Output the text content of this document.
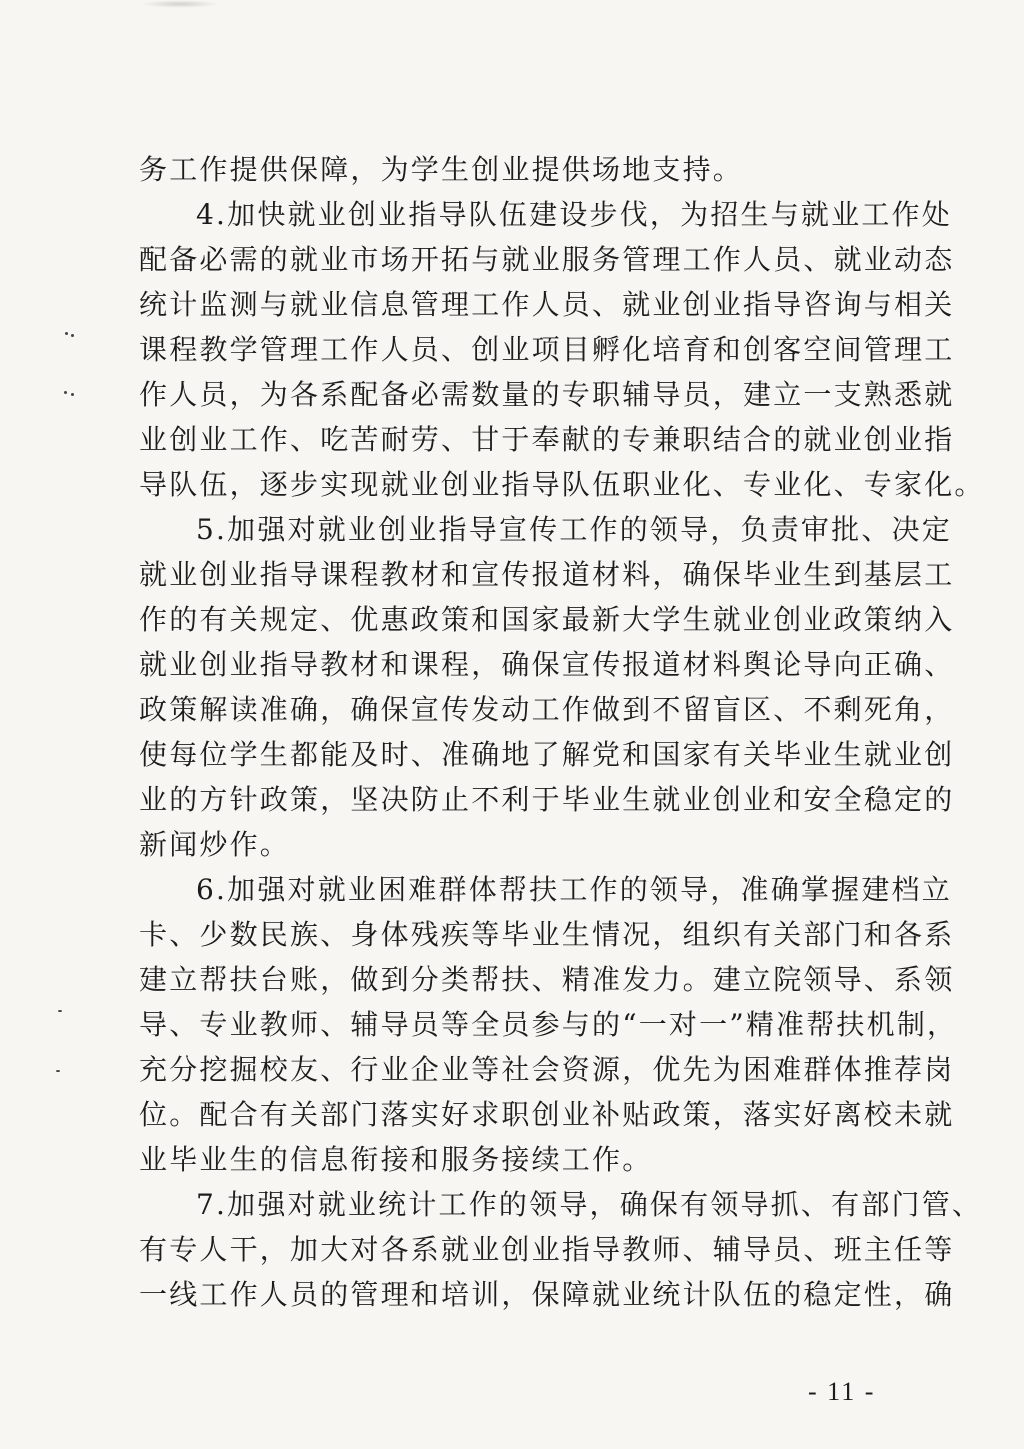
务工作提供保障，为学生创业提供场地支持。
4.加快就业创业指导队伍建设步伐，为招生与就业工作处
配备必需的就业市场开拓与就业服务管理工作人员、就业动态
统计监测与就业信息管理工作人员、就业创业指导咨询与相关
课程教学管理工作人员、创业项目孵化培育和创客空间管理工
作人员，为各系配备必需数量的专职辅导员，建立一支熟悉就
业创业工作、吃苦耐劳、甘于奉献的专兼职结合的就业创业指
导队伍，逐步实现就业创业指导队伍职业化、专业化、专家化。
5.加强对就业创业指导宣传工作的领导，负责审批、决定
就业创业指导课程教材和宣传报道材料，确保毕业生到基层工
作的有关规定、优惠政策和国家最新大学生就业创业政策纳入
就业创业指导教材和课程，确保宣传报道材料舆论导向正确、
政策解读准确，确保宣传发动工作做到不留盲区、不剩死角，
使每位学生都能及时、准确地了解党和国家有关毕业生就业创
业的方针政策，坚决防止不利于毕业生就业创业和安全稳定的
新闻炒作。
6.加强对就业困难群体帮扶工作的领导，准确掌握建档立
卡、少数民族、身体残疾等毕业生情况，组织有关部门和各系
建立帮扶台账，做到分类帮扶、精准发力。建立院领导、系领
导、专业教师、辅导员等全员参与的“一对一”精准帮扶机制，
充分挖掘校友、行业企业等社会资源，优先为困难群体推荐岗
位。配合有关部门落实好求职创业补贴政策，落实好离校未就
业毕业生的信息衔接和服务接续工作。
7.加强对就业统计工作的领导，确保有领导抓、有部门管、
有专人干，加大对各系就业创业指导教师、辅导员、班主任等
一线工作人员的管理和培训，保障就业统计队伍的稳定性，确
- 11 -
